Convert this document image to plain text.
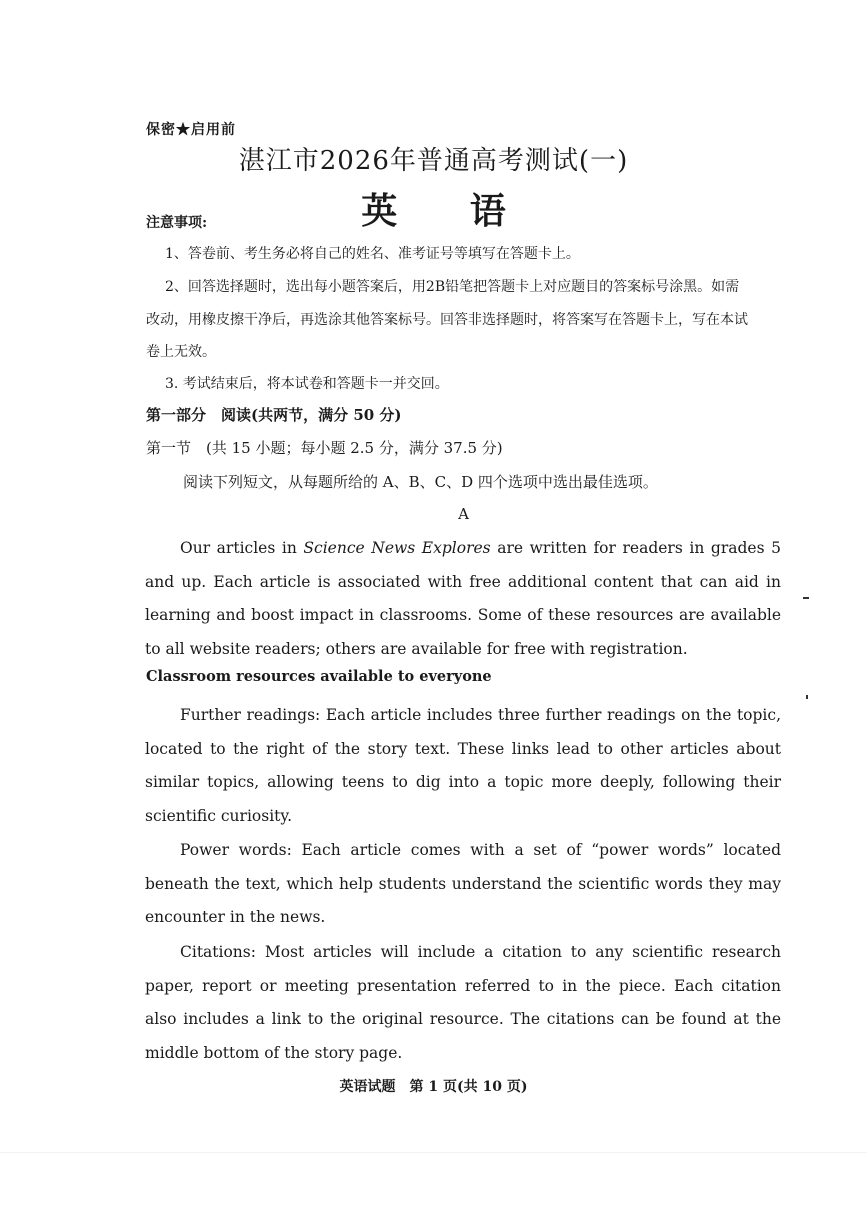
保密★启用前
湛江市2026年普通高考测试(一)
英 语
注意事项:
1、答卷前、考生务必将自己的姓名、准考证号等填写在答题卡上。
2、回答选择题时，选出每小题答案后，用2B铅笔把答题卡上对应题目的答案标号涂黑。如需
改动，用橡皮擦干净后，再选涂其他答案标号。回答非选择题时，将答案写在答题卡上，写在本试
卷上无效。
3. 考试结束后，将本试卷和答题卡一并交回。
第一部分　阅读(共两节，满分 50 分)
第一节　(共 15 小题；每小题 2.5 分，满分 37.5 分)
阅读下列短文，从每题所给的 A、B、C、D 四个选项中选出最佳选项。
A
Our articles in Science News Explores are written for readers in grades 5 and up. Each article is associated with free additional content that can aid in learning and boost impact in classrooms. Some of these resources are available to all website readers; others are available for free with registration.
Classroom resources available to everyone
Further readings: Each article includes three further readings on the topic, located to the right of the story text. These links lead to other articles about similar topics, allowing teens to dig into a topic more deeply, following their scientific curiosity.
Power words: Each article comes with a set of “power words” located beneath the text, which help students understand the scientific words they may encounter in the news.
Citations: Most articles will include a citation to any scientific research paper, report or meeting presentation referred to in the piece. Each citation also includes a link to the original resource. The citations can be found at the middle bottom of the story page.
英语试题　第 1 页(共 10 页)
